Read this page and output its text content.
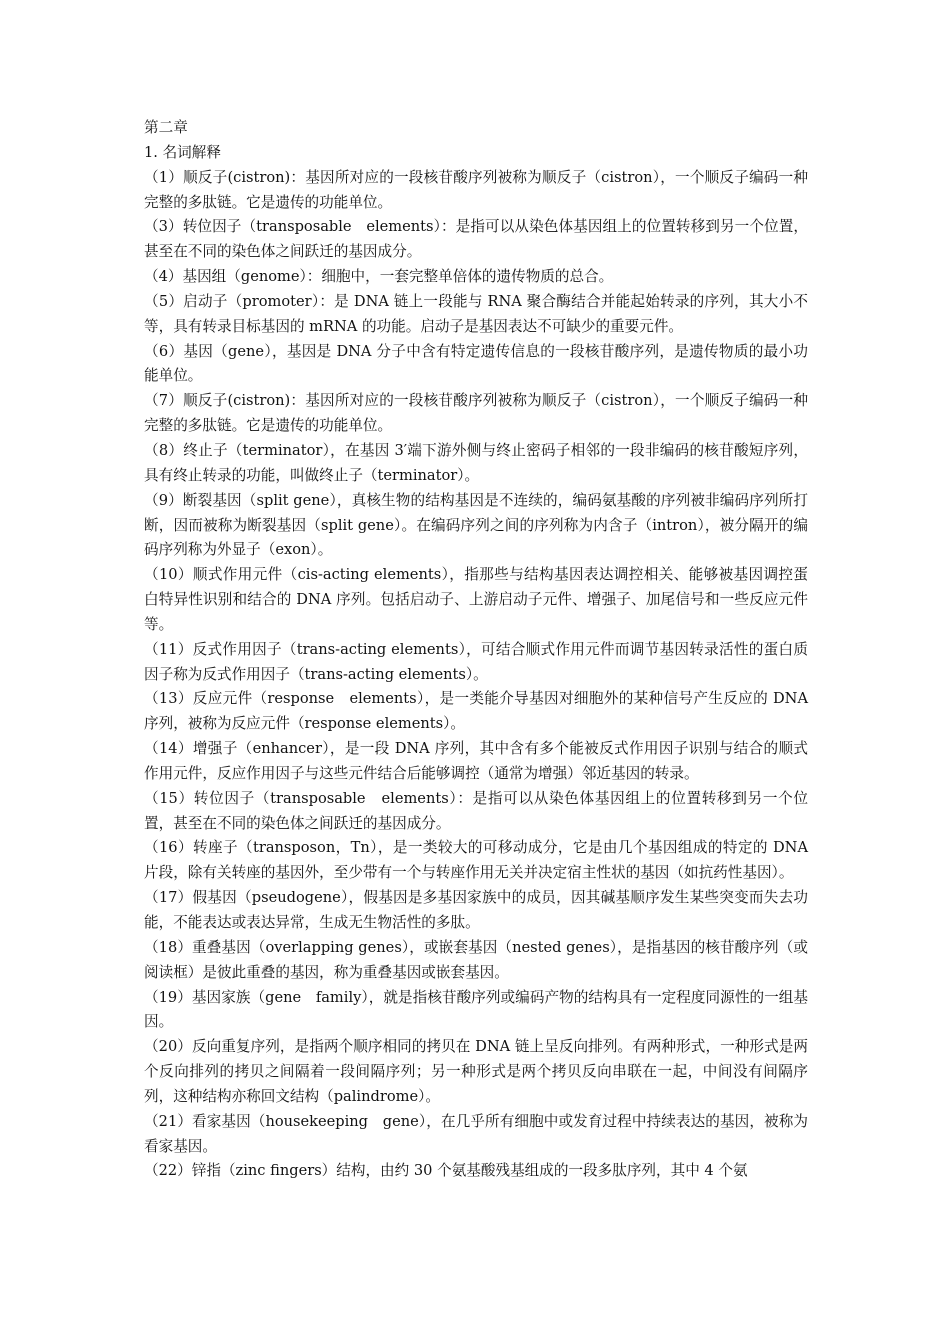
第二章

1. 名词解释

（1）顺反子(cistron)：基因所对应的一段核苷酸序列被称为顺反子（cistron），一个顺反子编码一种完整的多肽链。它是遗传的功能单位。

（3）转位因子（transposable　elements）：是指可以从染色体基因组上的位置转移到另一个位置，甚至在不同的染色体之间跃迁的基因成分。

（4）基因组（genome）：细胞中，一套完整单倍体的遗传物质的总合。

（5）启动子（promoter）：是 DNA 链上一段能与 RNA 聚合酶结合并能起始转录的序列，其大小不等，具有转录目标基因的 mRNA 的功能。启动子是基因表达不可缺少的重要元件。

（6）基因（gene），基因是 DNA 分子中含有特定遗传信息的一段核苷酸序列，是遗传物质的最小功能单位。

（7）顺反子(cistron)：基因所对应的一段核苷酸序列被称为顺反子（cistron），一个顺反子编码一种完整的多肽链。它是遗传的功能单位。

（8）终止子（terminator），在基因 3′端下游外侧与终止密码子相邻的一段非编码的核苷酸短序列，具有终止转录的功能，叫做终止子（terminator）。

（9）断裂基因（split gene），真核生物的结构基因是不连续的，编码氨基酸的序列被非编码序列所打断，因而被称为断裂基因（split gene）。在编码序列之间的序列称为内含子（intron），被分隔开的编码序列称为外显子（exon）。

（10）顺式作用元件（cis-acting elements），指那些与结构基因表达调控相关、能够被基因调控蛋白特异性识别和结合的 DNA 序列。包括启动子、上游启动子元件、增强子、加尾信号和一些反应元件等。

（11）反式作用因子（trans-acting elements），可结合顺式作用元件而调节基因转录活性的蛋白质因子称为反式作用因子（trans-acting elements）。

（13）反应元件（response　elements），是一类能介导基因对细胞外的某种信号产生反应的 DNA 序列，被称为反应元件（response elements）。

（14）增强子（enhancer），是一段 DNA 序列，其中含有多个能被反式作用因子识别与结合的顺式作用元件，反应作用因子与这些元件结合后能够调控（通常为增强）邻近基因的转录。

（15）转位因子（transposable　elements）：是指可以从染色体基因组上的位置转移到另一个位置，甚至在不同的染色体之间跃迁的基因成分。

（16）转座子（transposon，Tn），是一类较大的可移动成分，它是由几个基因组成的特定的 DNA 片段，除有关转座的基因外，至少带有一个与转座作用无关并决定宿主性状的基因（如抗药性基因）。

（17）假基因（pseudogene），假基因是多基因家族中的成员，因其碱基顺序发生某些突变而失去功能，不能表达或表达异常，生成无生物活性的多肽。

（18）重叠基因（overlapping genes），或嵌套基因（nested genes），是指基因的核苷酸序列（或阅读框）是彼此重叠的基因，称为重叠基因或嵌套基因。

（19）基因家族（gene　family），就是指核苷酸序列或编码产物的结构具有一定程度同源性的一组基因。

（20）反向重复序列，是指两个顺序相同的拷贝在 DNA 链上呈反向排列。有两种形式，一种形式是两个反向排列的拷贝之间隔着一段间隔序列；另一种形式是两个拷贝反向串联在一起，中间没有间隔序列，这种结构亦称回文结构（palindrome）。

（21）看家基因（housekeeping　gene），在几乎所有细胞中或发育过程中持续表达的基因，被称为看家基因。

（22）锌指（zinc fingers）结构，由约 30 个氨基酸残基组成的一段多肽序列，其中 4 个氨
